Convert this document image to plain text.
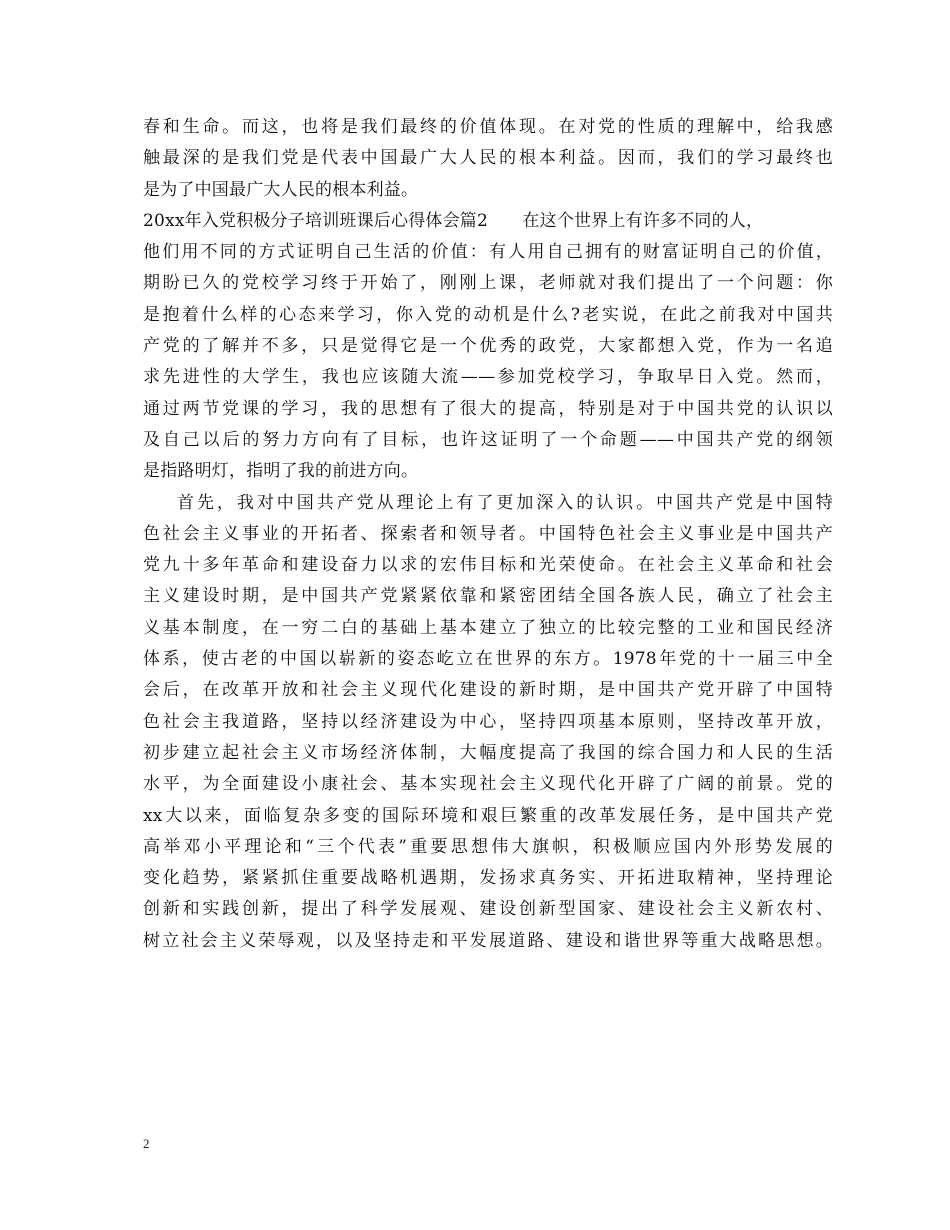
春和生命。而这，也将是我们最终的价值体现。在对党的性质的理解中，给我感
触最深的是我们党是代表中国最广大人民的根本利益。因而，我们的学习最终也
是为了中国最广大人民的根本利益。
20xx年入党积极分子培训班课后心得体会篇2　　在这个世界上有许多不同的人，
他们用不同的方式证明自己生活的价值：有人用自己拥有的财富证明自己的价值，
期盼已久的党校学习终于开始了，刚刚上课，老师就对我们提出了一个问题：你
是抱着什么样的心态来学习，你入党的动机是什么?老实说，在此之前我对中国共
产党的了解并不多，只是觉得它是一个优秀的政党，大家都想入党，作为一名追
求先进性的大学生，我也应该随大流——参加党校学习，争取早日入党。然而，
通过两节党课的学习，我的思想有了很大的提高，特别是对于中国共党的认识以
及自己以后的努力方向有了目标，也许这证明了一个命题——中国共产党的纲领
是指路明灯，指明了我的前进方向。
首先，我对中国共产党从理论上有了更加深入的认识。中国共产党是中国特
色社会主义事业的开拓者、探索者和领导者。中国特色社会主义事业是中国共产
党九十多年革命和建设奋力以求的宏伟目标和光荣使命。在社会主义革命和社会
主义建设时期，是中国共产党紧紧依靠和紧密团结全国各族人民，确立了社会主
义基本制度，在一穷二白的基础上基本建立了独立的比较完整的工业和国民经济
体系，使古老的中国以崭新的姿态屹立在世界的东方。1978年党的十一届三中全
会后，在改革开放和社会主义现代化建设的新时期，是中国共产党开辟了中国特
色社会主我道路，坚持以经济建设为中心，坚持四项基本原则，坚持改革开放，
初步建立起社会主义市场经济体制，大幅度提高了我国的综合国力和人民的生活
水平，为全面建设小康社会、基本实现社会主义现代化开辟了广阔的前景。党的
xx大以来，面临复杂多变的国际环境和艰巨繁重的改革发展任务，是中国共产党
高举邓小平理论和“三个代表”重要思想伟大旗帜，积极顺应国内外形势发展的
变化趋势，紧紧抓住重要战略机遇期，发扬求真务实、开拓进取精神，坚持理论
创新和实践创新，提出了科学发展观、建设创新型国家、建设社会主义新农村、
树立社会主义荣辱观，以及坚持走和平发展道路、建设和谐世界等重大战略思想。
2
